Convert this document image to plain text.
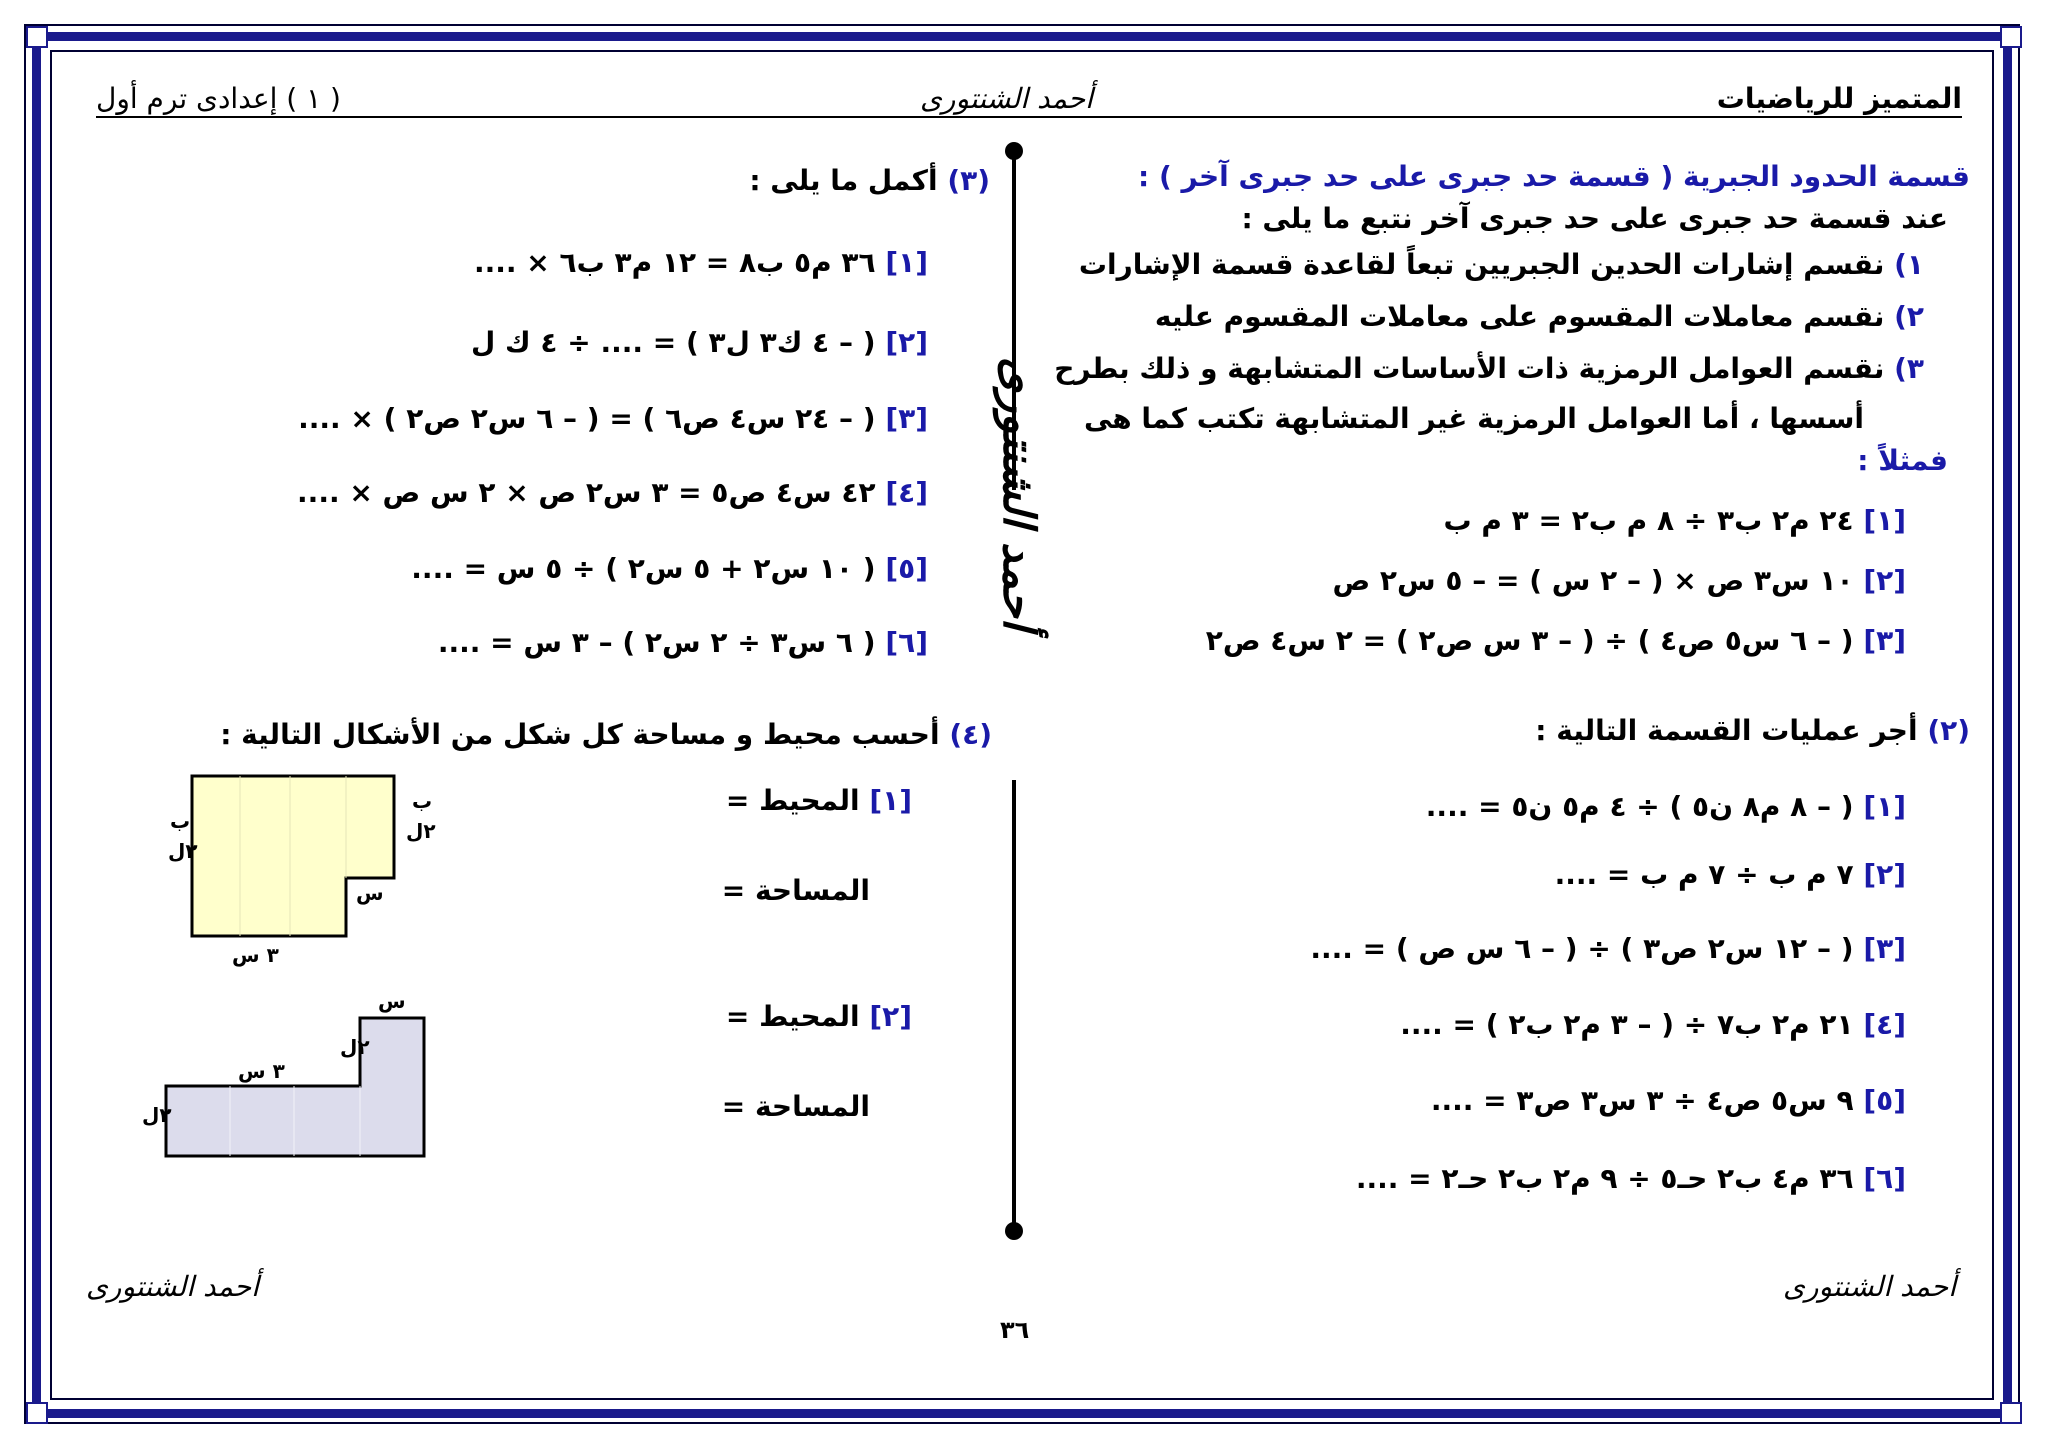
( ١ ) إعدادى ترم أول	أحمد الشنتورى	المتميز للرياضيات
أحمد الشنتورى
قسمة الحدود الجبرية ( قسمة حد جبرى على حد جبرى آخر ) :
عند قسمة حد جبرى على حد جبرى آخر نتبع ما يلى :
١) نقسم إشارات الحدين الجبريين تبعاً لقاعدة قسمة الإشارات
٢) نقسم معاملات المقسوم على معاملات المقسوم عليه
٣) نقسم العوامل الرمزية ذات الأساسات المتشابهة و ذلك بطرح
أسسها ، أما العوامل الرمزية غير المتشابهة تكتب كما هى
فمثلاً :
[١] ٢٤ م٢ ب٣ ÷ ٨ م ب٢ = ٣ م ب
[٢] ١٠ س٣ ص × ( – ٢ س ) = – ٥ س٢ ص
[٣] ( – ٦ س٥ ص٤ ) ÷ ( – ٣ س ص٢ ) = ٢ س٤ ص٢
(٢) أجر عمليات القسمة التالية :
[١] ( – ٨ م٨ ن٥ ) ÷ ٤ م٥ ن٥ = ....
[٢] ٧ م ب ÷ ٧ م ب = ....
[٣] ( – ١٢ س٢ ص٣ ) ÷ ( – ٦ س ص ) = ....
[٤] ٢١ م٢ ب٧ ÷ ( – ٣ م٢ ب٢ ) = ....
[٥] ٩ س٥ ص٤ ÷ ٣ س٣ ص٣ = ....
[٦] ٣٦ م٤ ب٢ حـ٥ ÷ ٩ م٢ ب٢ حـ٢ = ....
(٣) أكمل ما يلى :
[١] ٣٦ م٥ ب٨ = ١٢ م٣ ب٦ × ....
[٢] ( – ٤ ك٣ ل٣ ) = .... ÷ ٤ ك ل
[٣] ( – ٢٤ س٤ ص٦ ) = ( – ٦ س٢ ص٢ ) × ....
[٤] ٤٢ س٤ ص٥ = ٣ س٢ ص × ٢ س ص × ....
[٥] ( ١٠ س٢ + ٥ س٢ ) ÷ ٥ س = ....
[٦] ( ٦ س٣ ÷ ٢ س٢ ) – ٣ س = ....
(٤) أحسب محيط و مساحة كل شكل من الأشكال التالية :
[١] المحيط =
المساحة =
ب
٢ل
ب
٢ل
س
٣ س
[٢] المحيط =
المساحة =
س
٢ل
٣ س
٢ل
أحمد الشنتورى	أحمد الشنتورى
٣٦
